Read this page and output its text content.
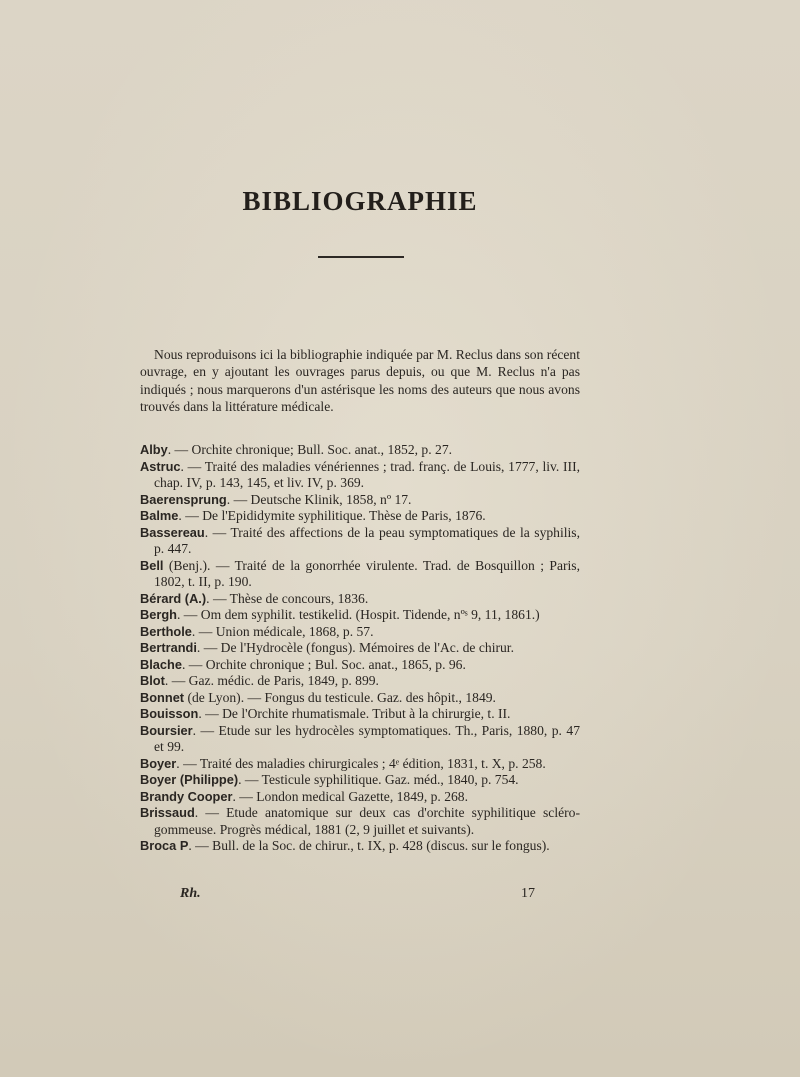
BIBLIOGRAPHIE

Nous reproduisons ici la bibliographie indiquée par M. Reclus dans son récent ouvrage, en y ajoutant les ouvrages parus depuis, ou que M. Reclus n'a pas indiqués ; nous marquerons d'un astérisque les noms des auteurs que nous avons trouvés dans la littérature médicale.

Alby. — Orchite chronique; Bull. Soc. anat., 1852, p. 27.

Astruc. — Traité des maladies vénériennes ; trad. franç. de Louis, 1777, liv. III, chap. IV, p. 143, 145, et liv. IV, p. 369.

Baerensprung. — Deutsche Klinik, 1858, nº 17.

Balme. — De l'Epididymite syphilitique. Thèse de Paris, 1876.

Bassereau. — Traité des affections de la peau symptomatiques de la syphilis, p. 447.

Bell (Benj.). — Traité de la gonorrhée virulente. Trad. de Bosquillon ; Paris, 1802, t. II, p. 190.

Bérard (A.). — Thèse de concours, 1836.

Bergh. — Om dem syphilit. testikelid. (Hospit. Tidende, nºˢ 9, 11, 1861.)

Berthole. — Union médicale, 1868, p. 57.

Bertrandi. — De l'Hydrocèle (fongus). Mémoires de l'Ac. de chirur.

Blache. — Orchite chronique ; Bul. Soc. anat., 1865, p. 96.

Blot. — Gaz. médic. de Paris, 1849, p. 899.

Bonnet (de Lyon). — Fongus du testicule. Gaz. des hôpit., 1849.

Bouisson. — De l'Orchite rhumatismale. Tribut à la chirurgie, t. II.

Boursier. — Etude sur les hydrocèles symptomatiques. Th., Paris, 1880, p. 47 et 99.

Boyer. — Traité des maladies chirurgicales ; 4ᵉ édition, 1831, t. X, p. 258.

Boyer (Philippe). — Testicule syphilitique. Gaz. méd., 1840, p. 754.

Brandy Cooper. — London medical Gazette, 1849, p. 268.

Brissaud. — Etude anatomique sur deux cas d'orchite syphilitique scléro-gommeuse. Progrès médical, 1881 (2, 9 juillet et suivants).

Broca P. — Bull. de la Soc. de chirur., t. IX, p. 428 (discus. sur le fongus).

Rh.	17
